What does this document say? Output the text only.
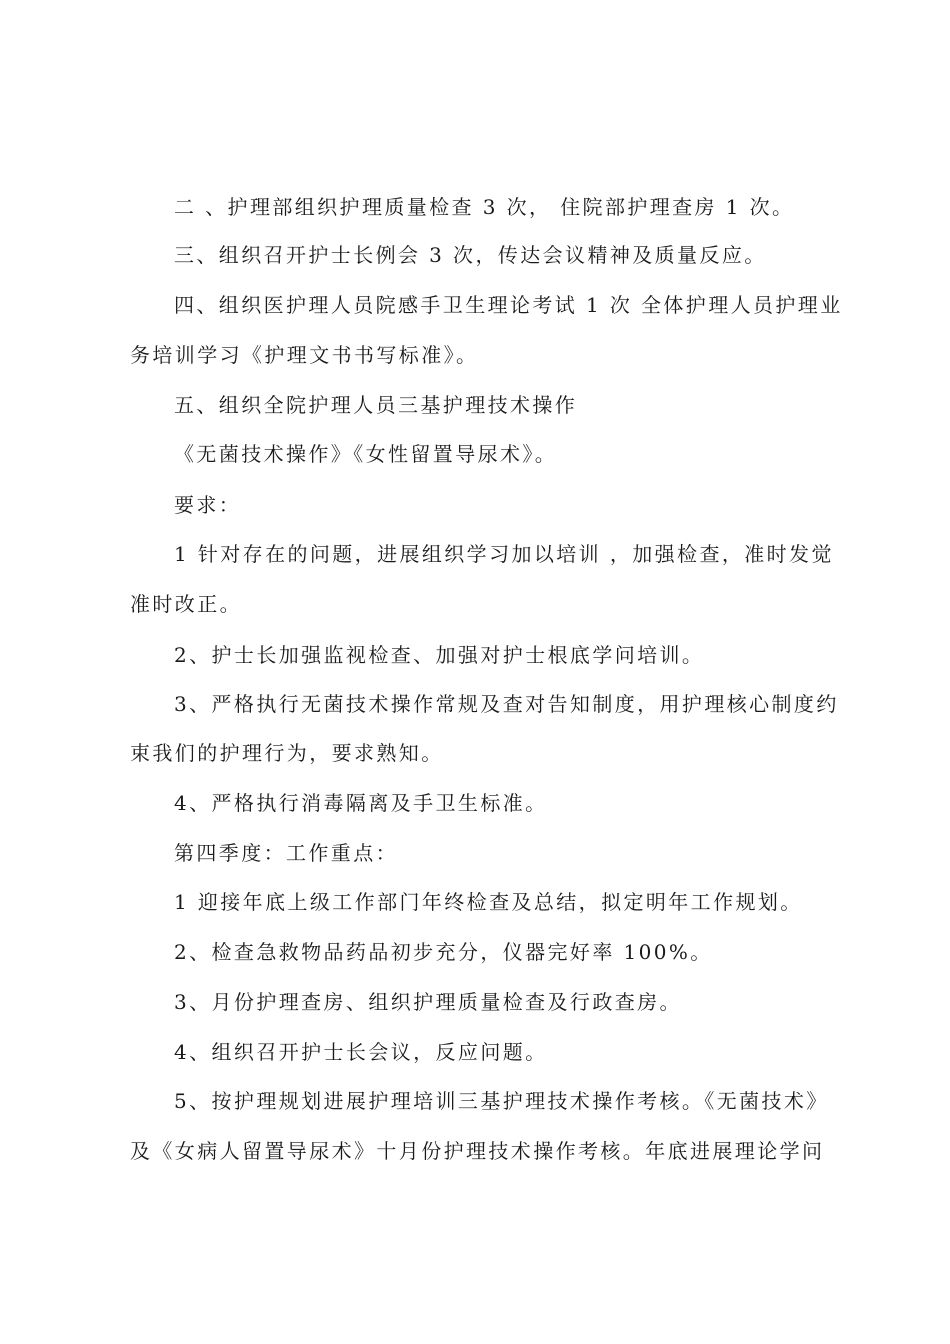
二 、护理部组织护理质量检查 3 次， 住院部护理查房 1 次。
三、组织召开护士长例会 3 次，传达会议精神及质量反应。
四、组织医护理人员院感手卫生理论考试 1 次 全体护理人员护理业
务培训学习《护理文书书写标准》。
五、组织全院护理人员三基护理技术操作
《无菌技术操作》《女性留置导尿术》。
要求：
1 针对存在的问题，进展组织学习加以培训 ，加强检查，准时发觉
准时改正。
2、护士长加强监视检查、加强对护士根底学问培训。
3、严格执行无菌技术操作常规及查对告知制度，用护理核心制度约
束我们的护理行为，要求熟知。
4、严格执行消毒隔离及手卫生标准。
第四季度：工作重点：
1 迎接年底上级工作部门年终检查及总结，拟定明年工作规划。
2、检查急救物品药品初步充分，仪器完好率 100%。
3、月份护理查房、组织护理质量检查及行政查房。
4、组织召开护士长会议，反应问题。
5、按护理规划进展护理培训三基护理技术操作考核。《无菌技术》
及《女病人留置导尿术》十月份护理技术操作考核。年底进展理论学问
